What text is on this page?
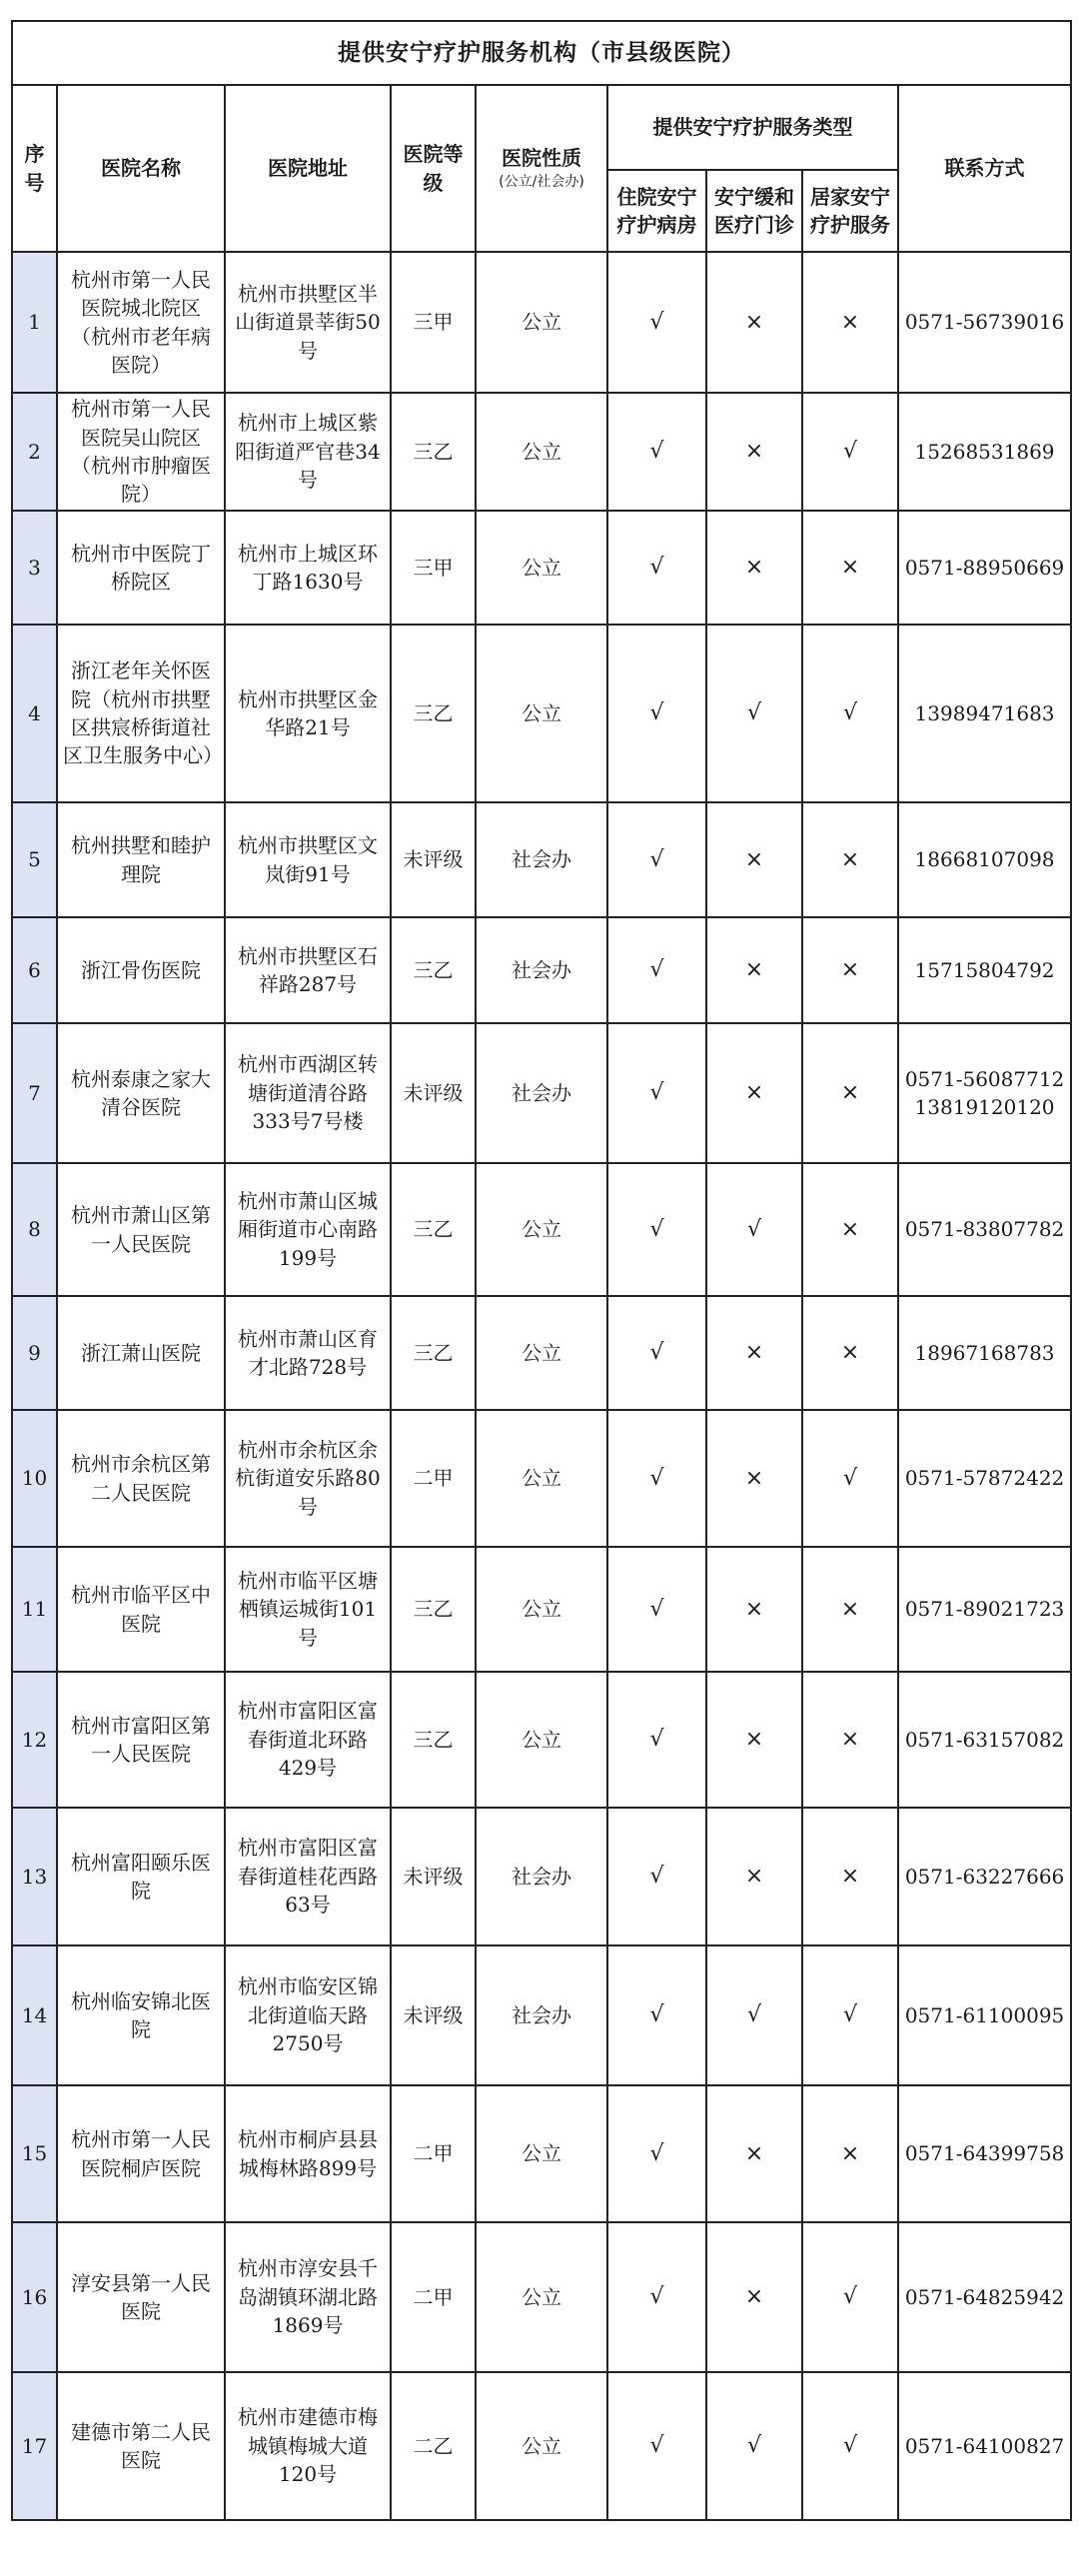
提供安宁疗护服务机构（市县级医院）								
序号	医院名称	医院地址	医院等级	医院性质
(公立/社会办)	提供安宁疗护服务类型			联系方式
					住院安宁疗护病房	安宁缓和医疗门诊	居家安宁疗护服务	
1	杭州市第一人民医院城北院区（杭州市老年病医院）	杭州市拱墅区半山街道景莘街50号	三甲	公立	√	×	×	0571-56739016

2	杭州市第一人民医院吴山院区（杭州市肿瘤医院）	杭州市上城区紫阳街道严官巷34号	三乙	公立	√	×	√	15268531869

3	杭州市中医院丁桥院区	杭州市上城区环丁路1630号	三甲	公立	√	×	×	0571-88950669

4	浙江老年关怀医院（杭州市拱墅区拱宸桥街道社区卫生服务中心）	杭州市拱墅区金华路21号	三乙	公立	√	√	√	13989471683

5	杭州拱墅和睦护理院	杭州市拱墅区文岚街91号	未评级	社会办	√	×	×	18668107098

6	浙江骨伤医院	杭州市拱墅区石祥路287号	三乙	社会办	√	×	×	15715804792

7	杭州泰康之家大清谷医院	杭州市西湖区转塘街道清谷路333号7号楼	未评级	社会办	√	×	×	0571-56087712
13819120120

8	杭州市萧山区第一人民医院	杭州市萧山区城厢街道市心南路199号	三乙	公立	√	√	×	0571-83807782

9	浙江萧山医院	杭州市萧山区育才北路728号	三乙	公立	√	×	×	18967168783

10	杭州市余杭区第二人民医院	杭州市余杭区余杭街道安乐路80号	二甲	公立	√	×	√	0571-57872422

11	杭州市临平区中医院	杭州市临平区塘栖镇运城街101号	三乙	公立	√	×	×	0571-89021723

12	杭州市富阳区第一人民医院	杭州市富阳区富春街道北环路429号	三乙	公立	√	×	×	0571-63157082

13	杭州富阳颐乐医院	杭州市富阳区富春街道桂花西路63号	未评级	社会办	√	×	×	0571-63227666

14	杭州临安锦北医院	杭州市临安区锦北街道临天路2750号	未评级	社会办	√	√	√	0571-61100095

15	杭州市第一人民医院桐庐医院	杭州市桐庐县县城梅林路899号	二甲	公立	√	×	×	0571-64399758

16	淳安县第一人民医院	杭州市淳安县千岛湖镇环湖北路1869号	二甲	公立	√	×	√	0571-64825942

17	建德市第二人民医院	杭州市建德市梅城镇梅城大道120号	二乙	公立	√	√	√	0571-64100827
